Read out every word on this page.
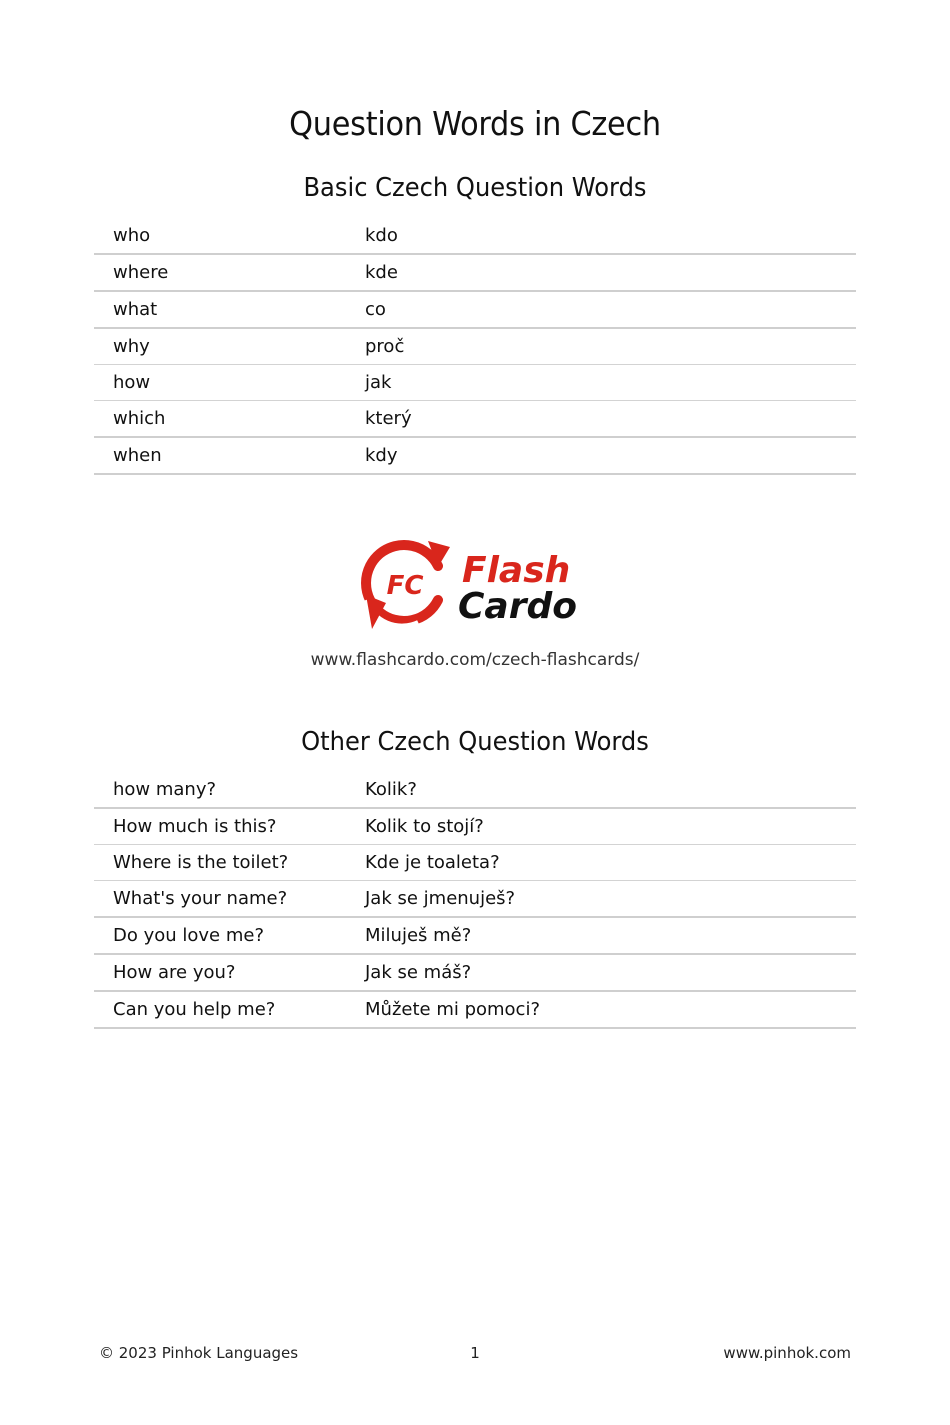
Question Words in Czech
Basic Czech Question Words
who	kdo
where	kde
what	co
why	proč
how	jak
which	který
when	kdy
FC Flash
Cardo
www.flashcardo.com/czech-flashcards/
Other Czech Question Words
how many?	Kolik?
How much is this?	Kolik to stojí?
Where is the toilet?	Kde je toaleta?
What's your name?	Jak se jmenuješ?
Do you love me?	Miluješ mě?
How are you?	Jak se máš?
Can you help me?	Můžete mi pomoci?
© 2023 Pinhok Languages	1	www.pinhok.com
